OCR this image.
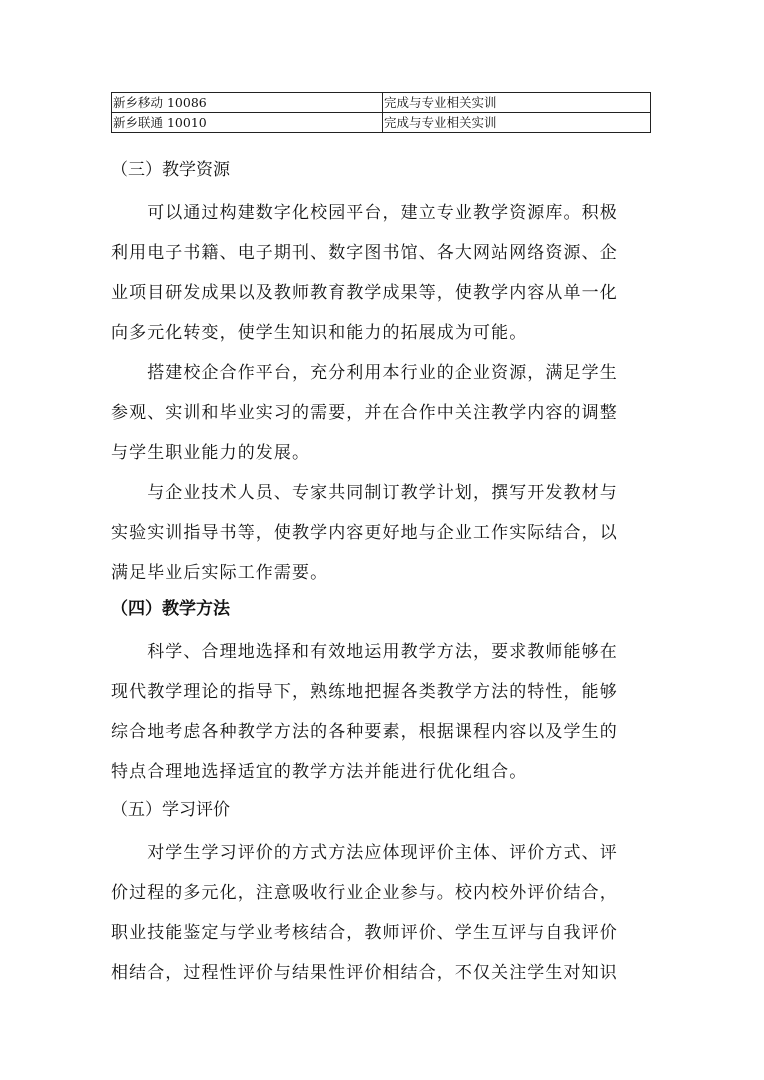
新乡移动 10086	完成与专业相关实训
新乡联通 10010	完成与专业相关实训
（三）教学资源
　　可以通过构建数字化校园平台，建立专业教学资源库。积极
利用电子书籍、电子期刊、数字图书馆、各大网站网络资源、企
业项目研发成果以及教师教育教学成果等，使教学内容从单一化
向多元化转变，使学生知识和能力的拓展成为可能。
　　搭建校企合作平台，充分利用本行业的企业资源，满足学生
参观、实训和毕业实习的需要，并在合作中关注教学内容的调整
与学生职业能力的发展。
　　与企业技术人员、专家共同制订教学计划，撰写开发教材与
实验实训指导书等，使教学内容更好地与企业工作实际结合，以
满足毕业后实际工作需要。
（四）教学方法
　　科学、合理地选择和有效地运用教学方法，要求教师能够在
现代教学理论的指导下，熟练地把握各类教学方法的特性，能够
综合地考虑各种教学方法的各种要素，根据课程内容以及学生的
特点合理地选择适宜的教学方法并能进行优化组合。
（五）学习评价
　　对学生学习评价的方式方法应体现评价主体、评价方式、评
价过程的多元化，注意吸收行业企业参与。校内校外评价结合，
职业技能鉴定与学业考核结合，教师评价、学生互评与自我评价
相结合，过程性评价与结果性评价相结合，不仅关注学生对知识
